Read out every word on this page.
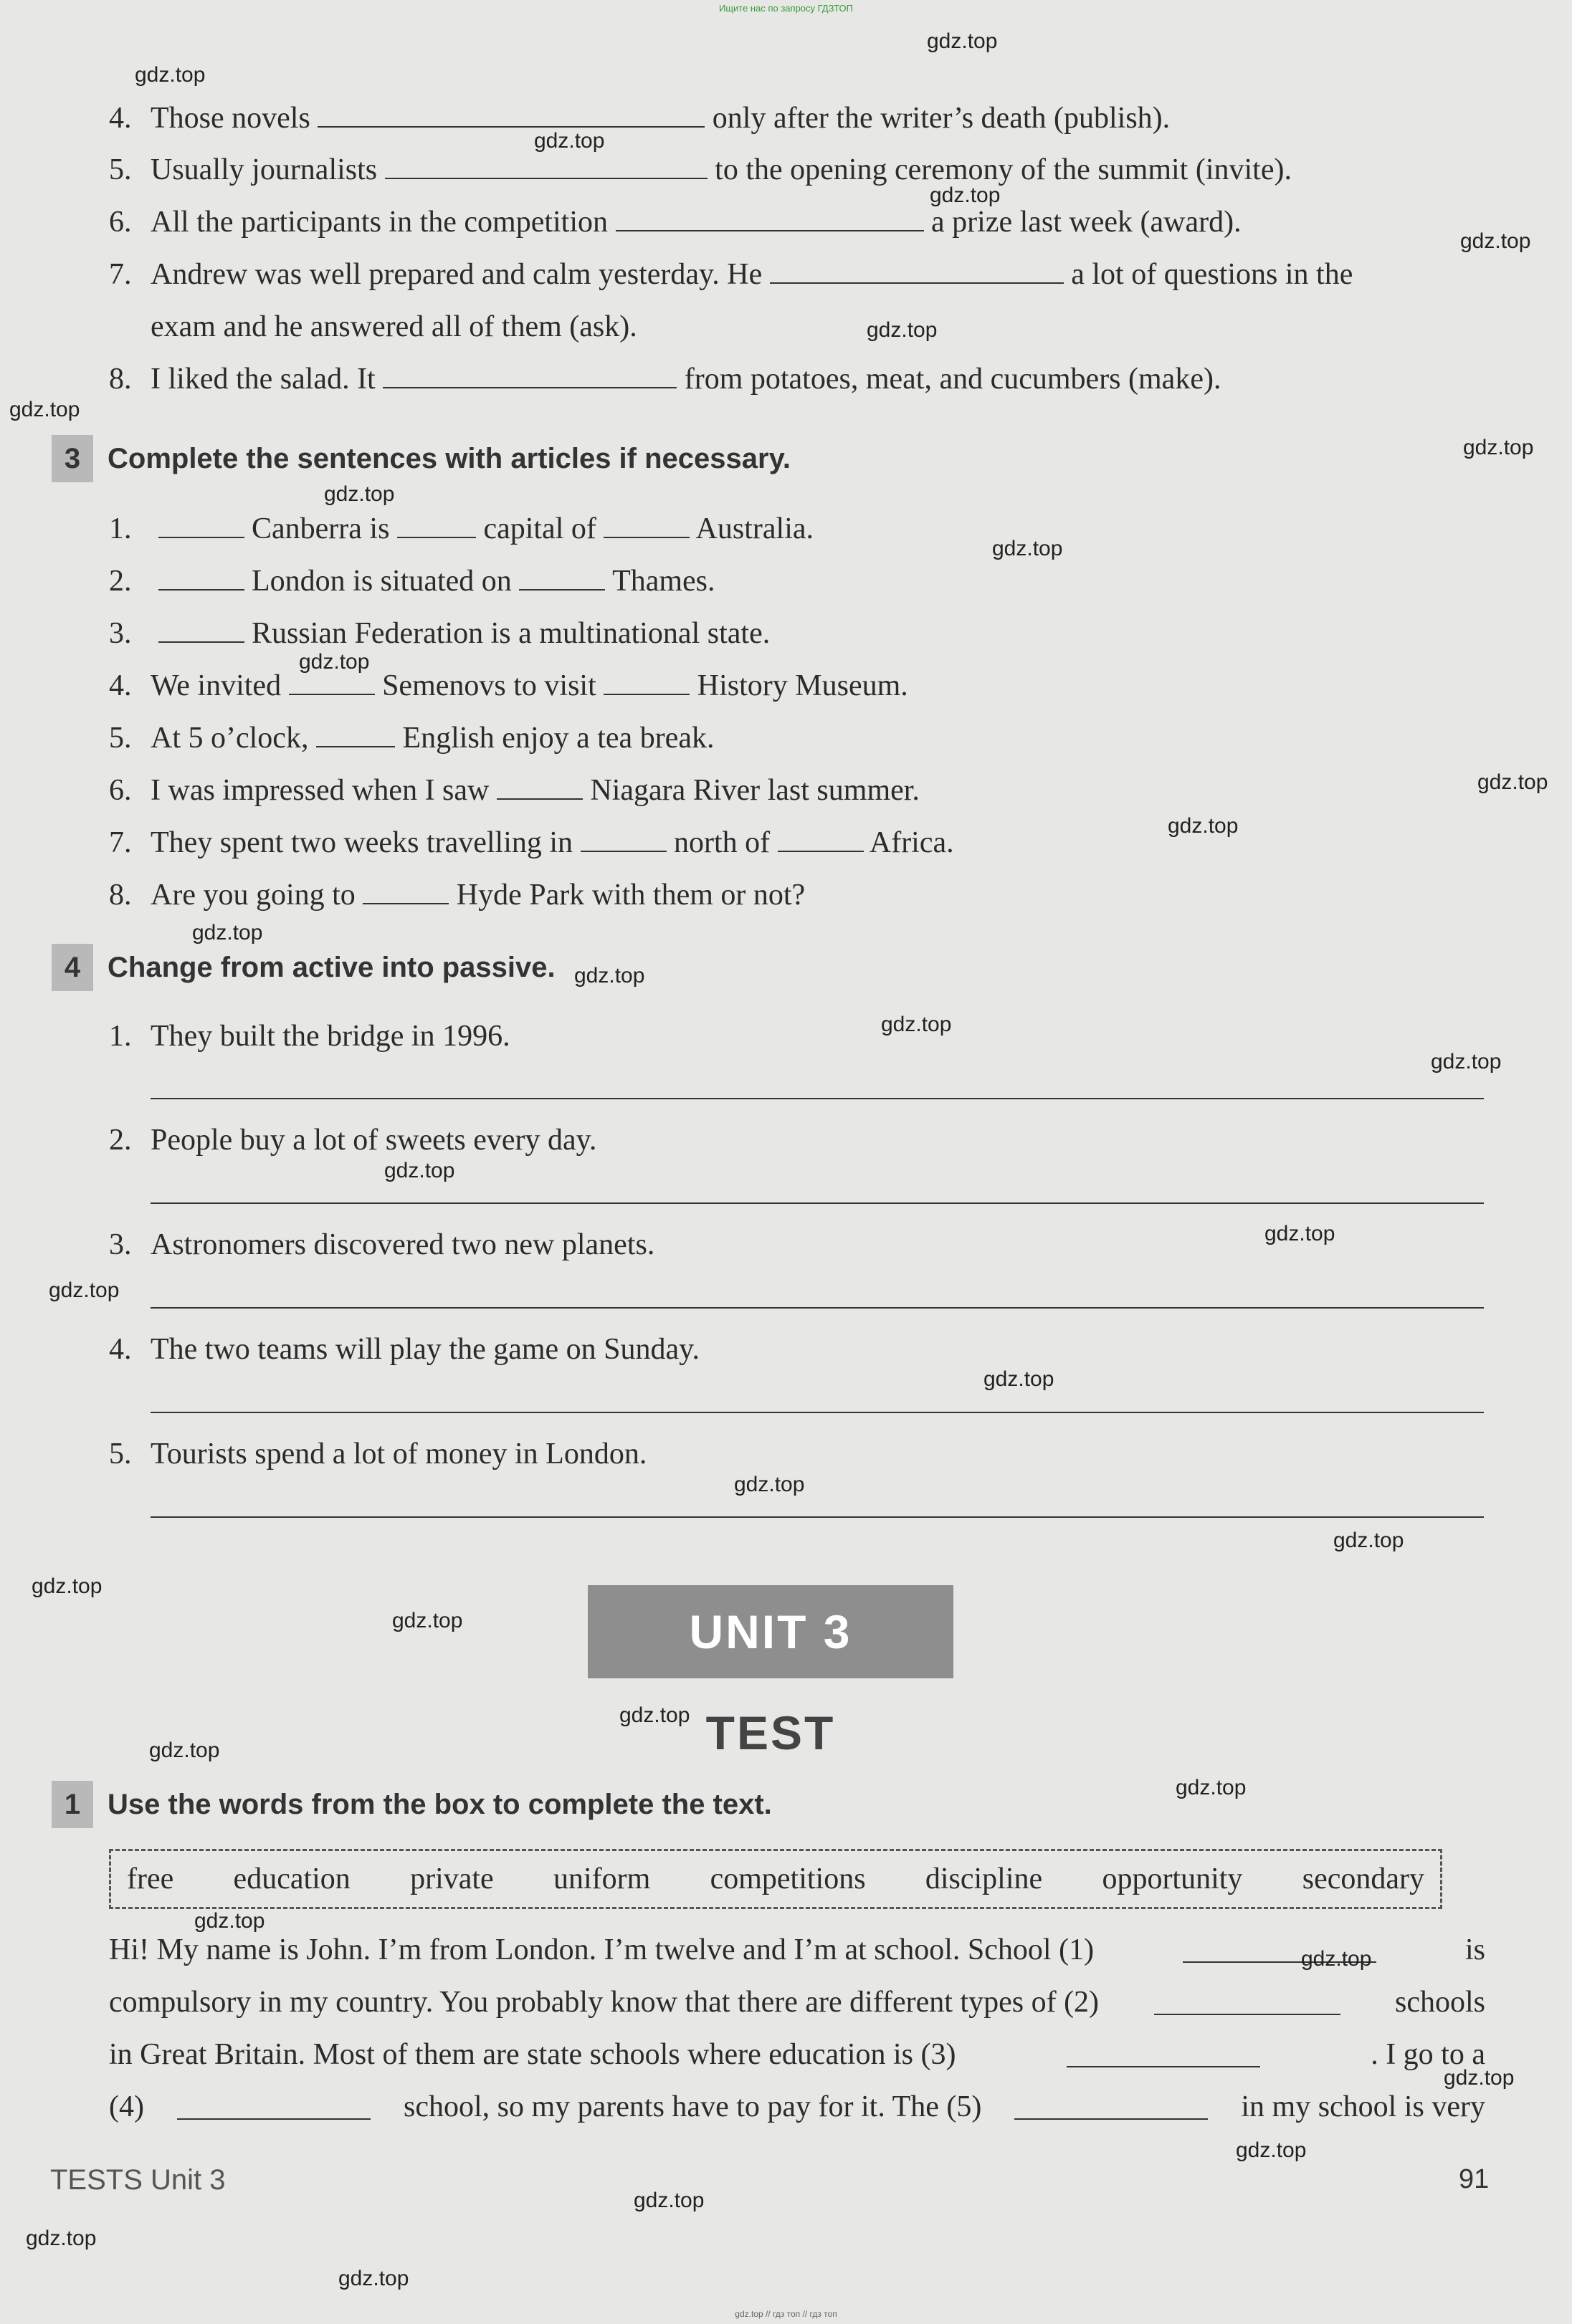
Ищите нас по запросу ГДЗТОП
4. Those novels	only after the writer’s death (publish).
5. Usually journalists	to the opening ceremony of the summit (invite).
6. All the participants in the competition	a prize last week (award).
7. Andrew was well prepared and calm yesterday. He	a lot of questions in the
exam and he answered all of them (ask).
8. I liked the salad. It	from potatoes, meat, and cucumbers (make).
3 Complete the sentences with articles if necessary.
1.	Canberra is	capital of	Australia.
2.	London is situated on	Thames.
3.	Russian Federation is a multinational state.
4. We invited	Semenovs to visit	History Museum.
5. At 5 o’clock,	English enjoy a tea break.
6. I was impressed when I saw	Niagara River last summer.
7. They spent two weeks travelling in	north of	Africa.
8. Are you going to	Hyde Park with them or not?
4 Change from active into passive.
1. They built the bridge in 1996.
2. People buy a lot of sweets every day.
3. Astronomers discovered two new planets.
4. The two teams will play the game on Sunday.
5. Tourists spend a lot of money in London.
UNIT 3
TEST
1 Use the words from the box to complete the text.
free education private uniform competitions discipline opportunity secondary
Hi! My name is John. I’m from London. I’m twelve and I’m at school. School (1)	is
compulsory in my country. You probably know that there are different types of (2)	schools
in Great Britain. Most of them are state schools where education is (3)	. I go to a
(4)	school, so my parents have to pay for it. The (5)	in my school is very
TESTS Unit 3	91
gdz.top
gdz.top
gdz.top
gdz.top
gdz.top
gdz.top
gdz.top
gdz.top
gdz.top
gdz.top
gdz.top
gdz.top
gdz.top
gdz.top
gdz.top
gdz.top
gdz.top
gdz.top
gdz.top
gdz.top
gdz.top
gdz.top
gdz.top
gdz.top
gdz.top
gdz.top
gdz.top
gdz.top
gdz.top
gdz.top
gdz.top
gdz.top
gdz.top
gdz.top
gdz.top
gdz.top // гдз топ // гдз топ
